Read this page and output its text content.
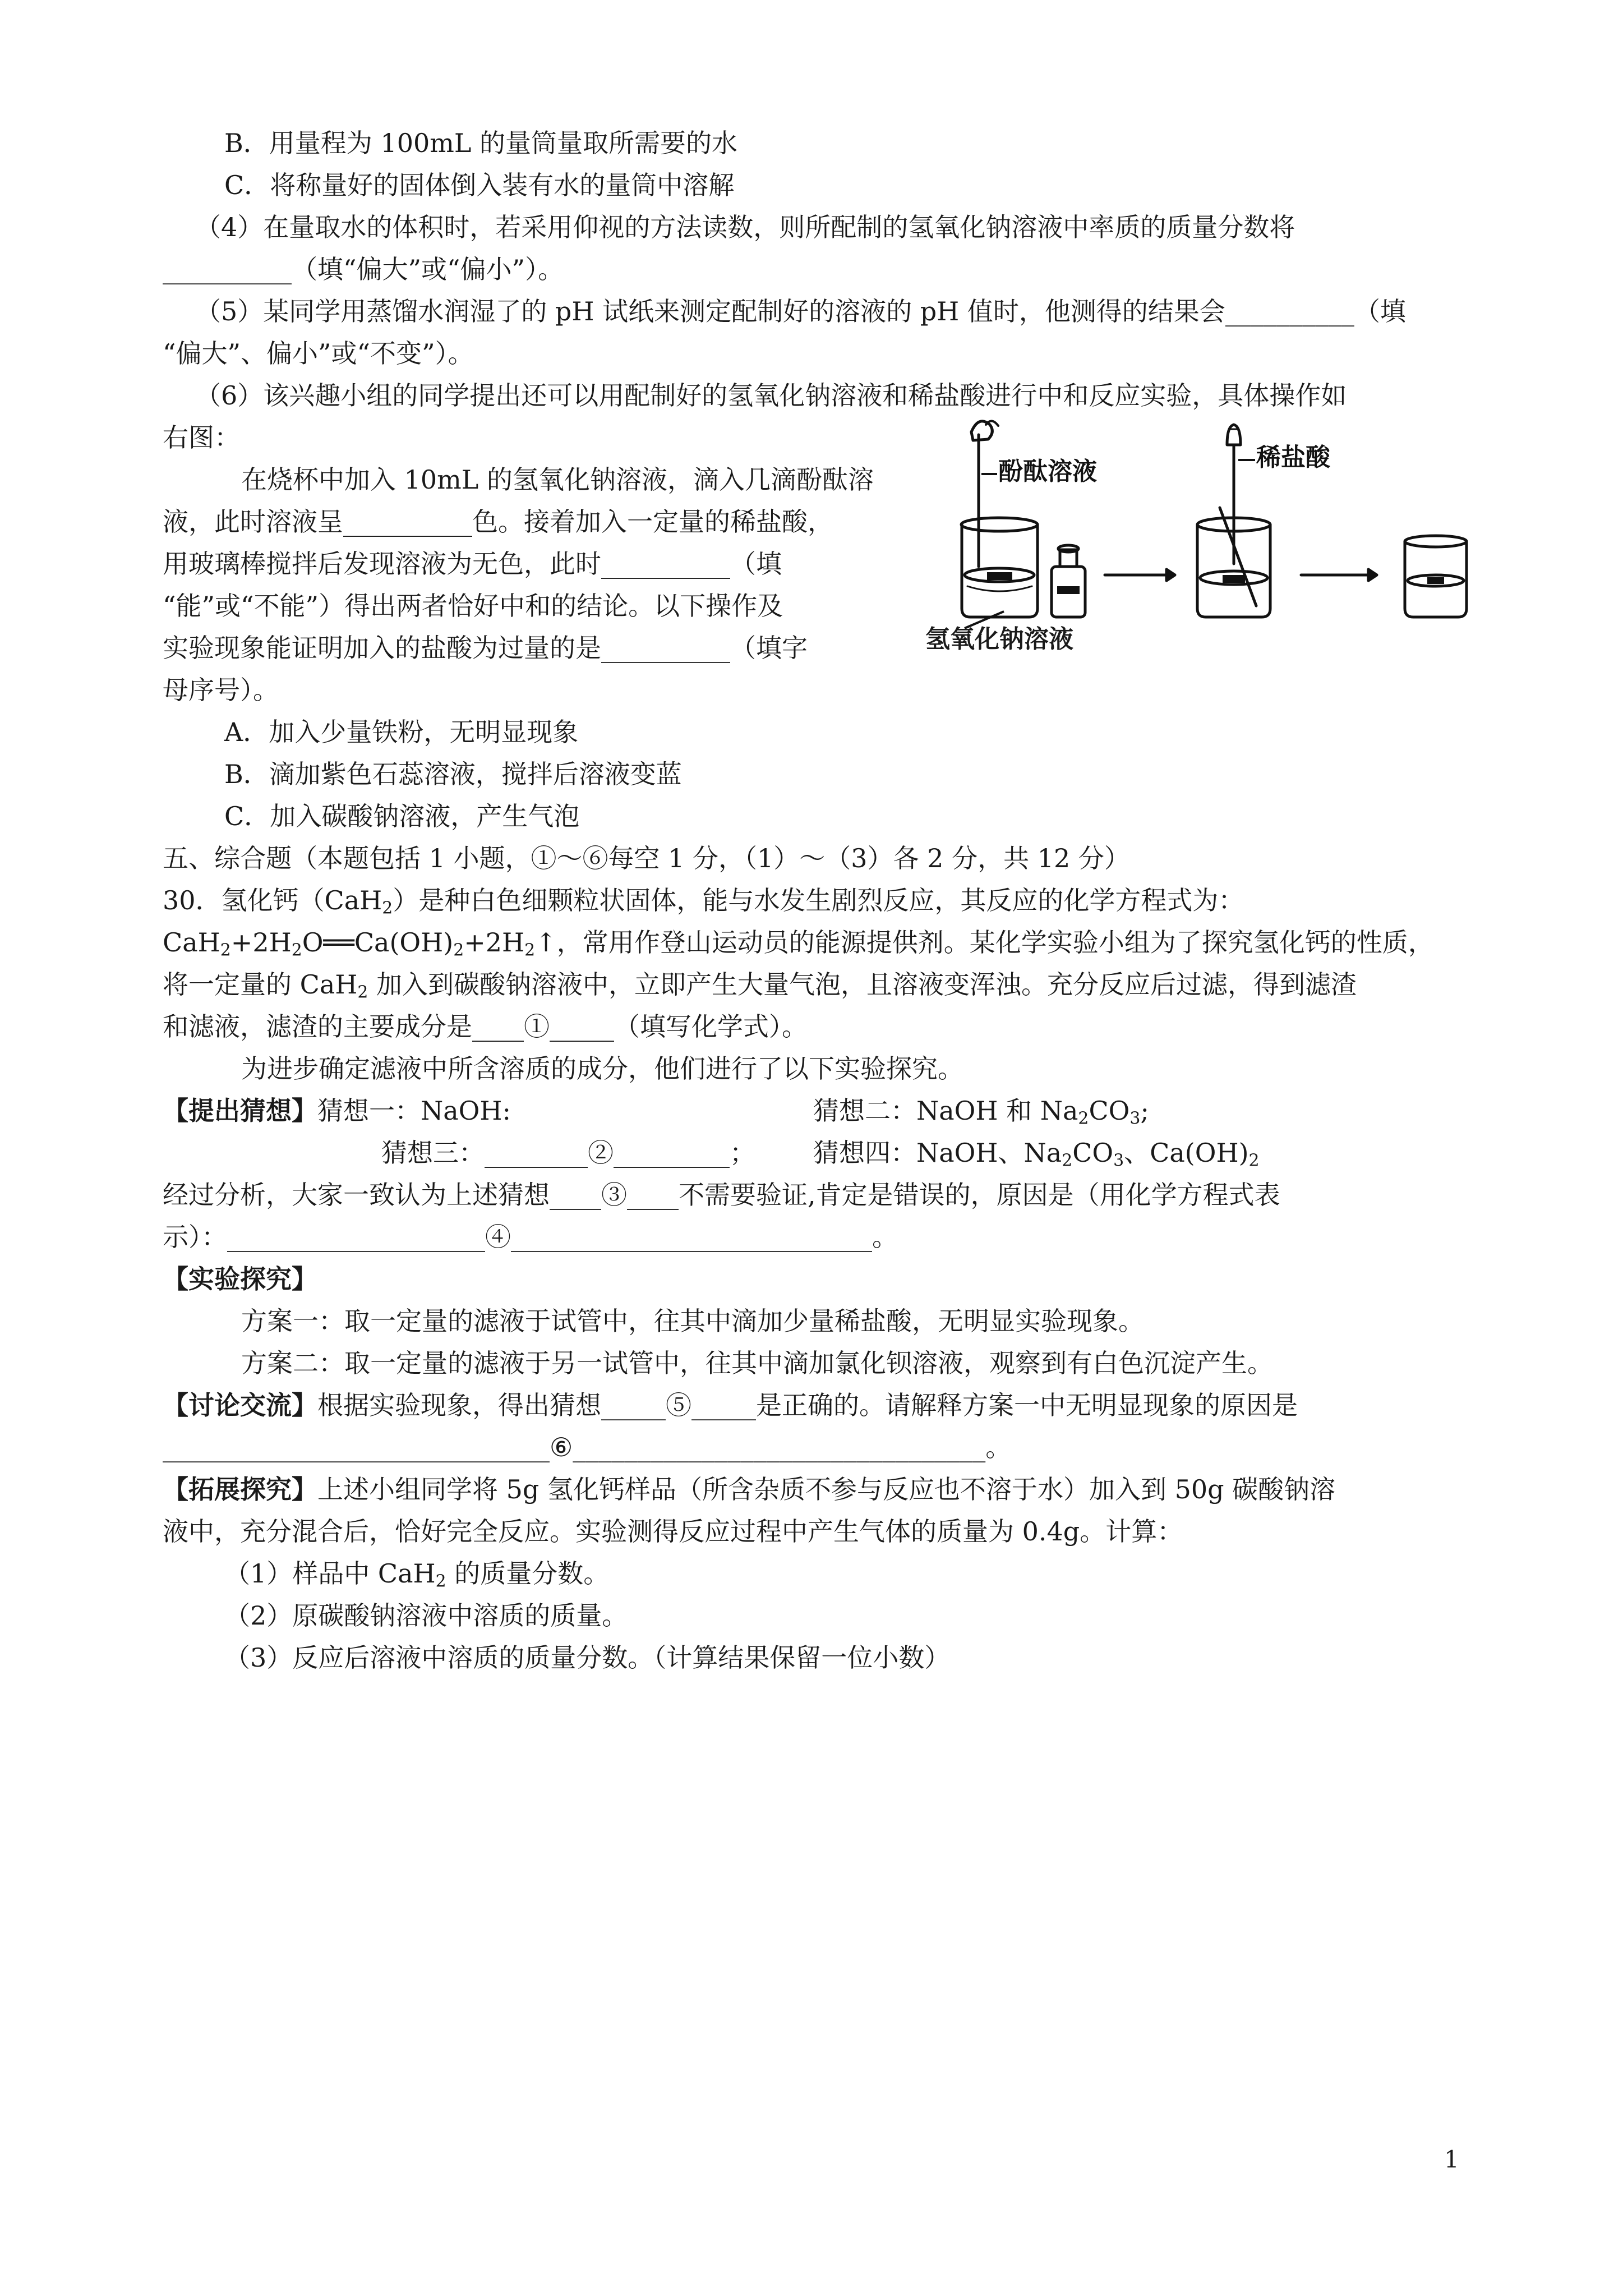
B．用量程为 100mL 的量筒量取所需要的水
C．将称量好的固体倒入装有水的量筒中溶解
（4）在量取水的体积时，若采用仰视的方法读数，则所配制的氢氧化钠溶液中率质的质量分数将
__________（填“偏大”或“偏小”）。
（5）某同学用蒸馏水润湿了的 pH 试纸来测定配制好的溶液的 pH 值时，他测得的结果会__________（填
“偏大”、偏小”或“不变”）。
（6）该兴趣小组的同学提出还可以用配制好的氢氧化钠溶液和稀盐酸进行中和反应实验，具体操作如
右图：
在烧杯中加入 10mL 的氢氧化钠溶液，滴入几滴酚酞溶
液，此时溶液呈__________色。接着加入一定量的稀盐酸，
用玻璃棒搅拌后发现溶液为无色，此时__________（填
“能”或“不能”）得出两者恰好中和的结论。以下操作及
实验现象能证明加入的盐酸为过量的是__________（填字
母序号）。
A．加入少量铁粉，无明显现象
B．滴加紫色石蕊溶液，搅拌后溶液变蓝
C．加入碳酸钠溶液，产生气泡
五、综合题（本题包括 1 小题，①～⑥每空 1 分，（1）～（3）各 2 分，共 12 分）
30．氢化钙（CaH$_2$）是种白色细颗粒状固体，能与水发生剧烈反应，其反应的化学方程式为：
$CaH_2+2H_2O══Ca(OH)_2+2H_2↑$，常用作登山运动员的能源提供剂。某化学实验小组为了探究氢化钙的性质，
将一定量的 CaH$_2$ 加入到碳酸钠溶液中，立即产生大量气泡，且溶液变浑浊。充分反应后过滤，得到滤渣
和滤液，滤渣的主要成分是____①_____（填写化学式）。
为进步确定滤液中所含溶质的成分，他们进行了以下实验探究。
【提出猜想】猜想一：NaOH:	猜想二：NaOH 和 $Na_2CO_3$;
猜想三：________②_________； 猜想四：NaOH、$Na_2CO_3$、$Ca(OH)_2$
经过分析，大家一致认为上述猜想____③____不需要验证,肯定是错误的，原因是（用化学方程式表
示）：____________________④____________________________。
【实验探究】
方案一：取一定量的滤液于试管中，往其中滴加少量稀盐酸，无明显实验现象。
方案二：取一定量的滤液于另一试管中，往其中滴加氯化钡溶液，观察到有白色沉淀产生。
【讨论交流】根据实验现象，得出猜想_____⑤_____是正确的。请解释方案一中无明显现象的原因是
______________________________⑥________________________________。
【拓展探究】上述小组同学将 5g 氢化钙样品（所含杂质不参与反应也不溶于水）加入到 50g 碳酸钠溶
液中，充分混合后，恰好完全反应。实验测得反应过程中产生气体的质量为 0.4g。计算：
（1）样品中 CaH$_2$ 的质量分数。
（2）原碳酸钠溶液中溶质的质量。
（3）反应后溶液中溶质的质量分数。（计算结果保留一位小数）
酚酞溶液	稀盐酸
氢氧化钠溶液
1
